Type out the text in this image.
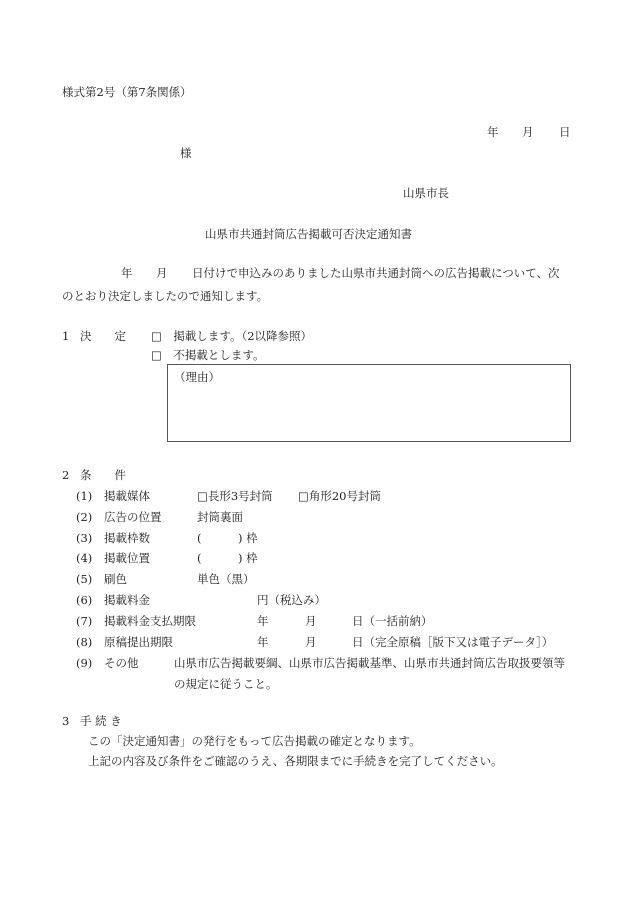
様式第2号（第7条関係）
年 月 日
様
山県市長
山県市共通封筒広告掲載可否決定通知書
年 月 日付けで申込みのありました山県市共通封筒への広告掲載について、次
のとおり決定しましたので通知します。
1 決　　定 □　掲載します。（2以降参照）
□　不掲載とします。
（理由）
2 条　　件
(1) 掲載媒体	□長形3号封筒 □角形20号封筒
(2) 広告の位置	封筒裏面
(3) 掲載枠数	(	) 枠
(4) 掲載位置	(	) 枠
(5) 刷色	単色（黒）
(6) 掲載料金	円（税込み）
(7) 掲載料金支払期限	年	月	日（一括前納）
(8) 原稿提出期限	年	月	日（完全原稿［版下又は電子データ］）
(9) その他	山県市広告掲載要綱、山県市広告掲載基準、山県市共通封筒広告取扱要領等
の規定に従うこと。
3 手 続 き
この「決定通知書」の発行をもって広告掲載の確定となります。
上記の内容及び条件をご確認のうえ、各期限までに手続きを完了してください。
